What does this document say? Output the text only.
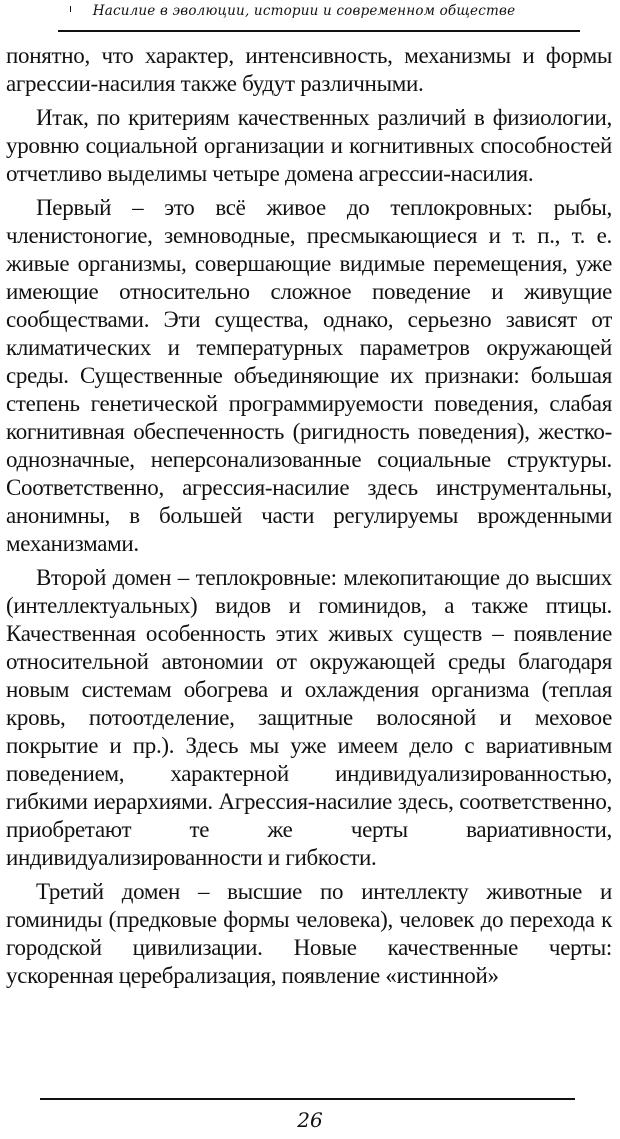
Насилие в эволюции, истории и современном обществе

понятно, что характер, интенсивность, механизмы и формы агрессии-насилия также будут различными.

Итак, по критериям качественных различий в физиологии, уровню социальной организации и когнитивных способностей отчетливо выделимы четыре домена агрессии-насилия.

Первый – это всё живое до теплокровных: рыбы, членистоногие, земноводные, пресмыкающиеся и т. п., т. е. живые организмы, совершающие видимые перемещения, уже имеющие относительно сложное поведение и живущие сообществами. Эти существа, однако, серьезно зависят от климатических и температурных параметров окружающей среды. Существенные объединяющие их признаки: большая степень генетической программируемости поведения, слабая когнитивная обеспеченность (ригидность поведения), жестко-однозначные, неперсонализованные социальные структуры. Соответственно, агрессия-насилие здесь инструментальны, анонимны, в большей части регулируемы врожденными механизмами.

Второй домен – теплокровные: млекопитающие до высших (интеллектуальных) видов и гоминидов, а также птицы. Качественная особенность этих живых существ – появление относительной автономии от окружающей среды благодаря новым системам обогрева и охлаждения организма (теплая кровь, потоотделение, защитные волосяной и меховое покрытие и пр.). Здесь мы уже имеем дело с вариативным поведением, характерной индивидуализированностью, гибкими иерархиями. Агрессия-насилие здесь, соответственно, приобретают те же черты вариативности, индивидуализированности и гибкости.

Третий домен – высшие по интеллекту животные и гоминиды (предковые формы человека), человек до перехода к городской цивилизации. Новые качественные черты: ускоренная церебрализация, появление «истинной»

26
